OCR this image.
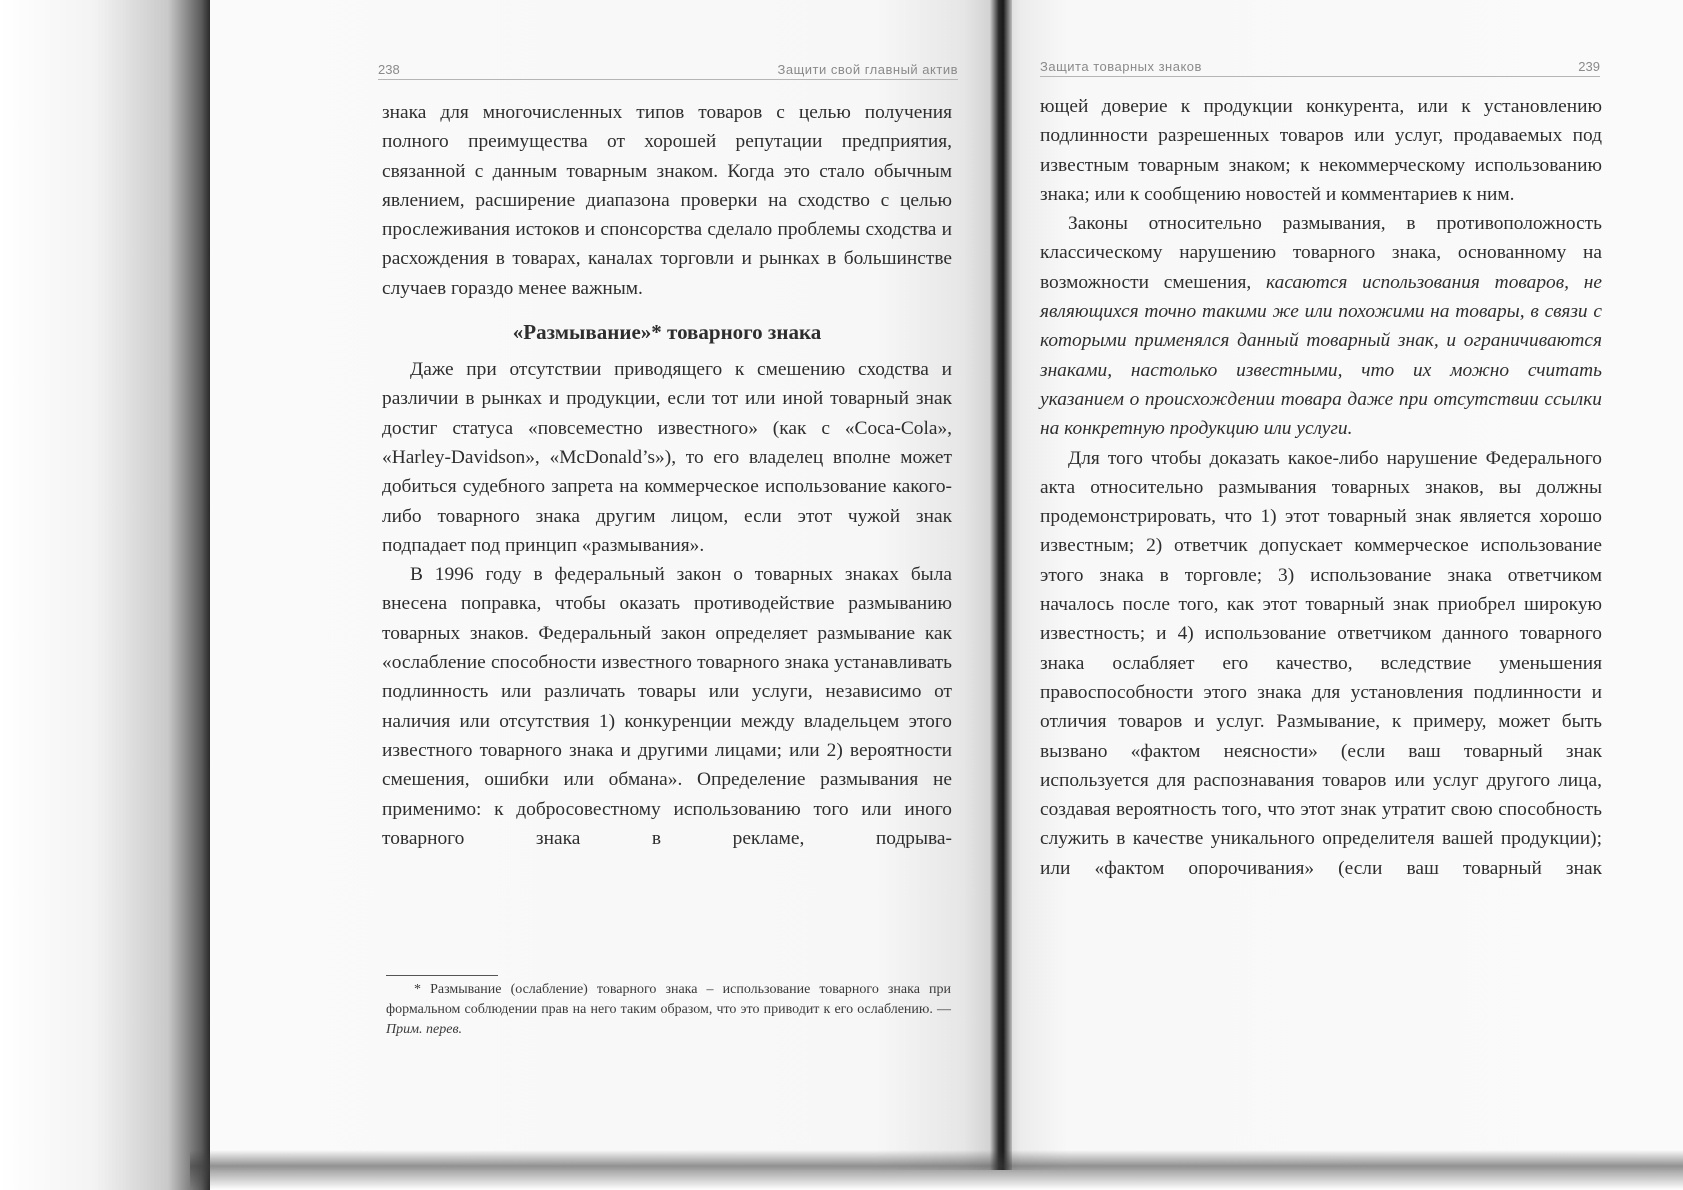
238	Защити свой главный актив	Защита товарных знаков	239

знака для многочисленных типов товаров с целью получения полного преимущества от хорошей репутации предприятия, связанной с данным товарным знаком. Когда это стало обычным явлением, расширение диапазона проверки на сходство с целью прослеживания истоков и спонсорства сделало проблемы сходства и расхождения в товарах, каналах торговли и рынках в большинстве случаев гораздо менее важным.

«Размывание»* товарного знака

Даже при отсутствии приводящего к смешению сходства и различии в рынках и продукции, если тот или иной товарный знак достиг статуса «повсеместно известного» (как с «Coca-Cola», «Harley-Davidson», «McDonald’s»), то его владелец вполне может добиться судебного запрета на коммерческое использование какого-либо товарного знака другим лицом, если этот чужой знак подпадает под принцип «размывания».

В 1996 году в федеральный закон о товарных знаках была внесена поправка, чтобы оказать противодействие размыванию товарных знаков. Федеральный закон определяет размывание как «ослабление способности известного товарного знака устанавливать подлинность или различать товары или услуги, независимо от наличия или отсутствия 1) конкуренции между владельцем этого известного товарного знака и другими лицами; или 2) вероятности смешения, ошибки или обмана». Определение размывания не применимо: к добросовестному использованию того или иного товарного знака в рекламе, подрыва-

* Размывание (ослабление) товарного знака – использование товарного знака при формальном соблюдении прав на него таким образом, что это приводит к его ослаблению. — Прим. перев.

ющей доверие к продукции конкурента, или к установлению подлинности разрешенных товаров или услуг, продаваемых под известным товарным знаком; к некоммерческому использованию знака; или к сообщению новостей и комментариев к ним.

Законы относительно размывания, в противоположность классическому нарушению товарного знака, основанному на возможности смешения, касаются использования товаров, не являющихся точно такими же или похожими на товары, в связи с которыми применялся данный товарный знак, и ограничиваются знаками, настолько известными, что их можно считать указанием о происхождении товара даже при отсутствии ссылки на конкретную продукцию или услуги.

Для того чтобы доказать какое-либо нарушение Федерального акта относительно размывания товарных знаков, вы должны продемонстрировать, что 1) этот товарный знак является хорошо известным; 2) ответчик допускает коммерческое использование этого знака в торговле; 3) использование знака ответчиком началось после того, как этот товарный знак приобрел широкую известность; и 4) использование ответчиком данного товарного знака ослабляет его качество, вследствие уменьшения правоспособности этого знака для установления подлинности и отличия товаров и услуг. Размывание, к примеру, может быть вызвано «фактом неясности» (если ваш товарный знак используется для распознавания товаров или услуг другого лица, создавая вероятность того, что этот знак утратит свою способность служить в качестве уникального определителя вашей продукции); или «фактом опорочивания» (если ваш товарный знак
